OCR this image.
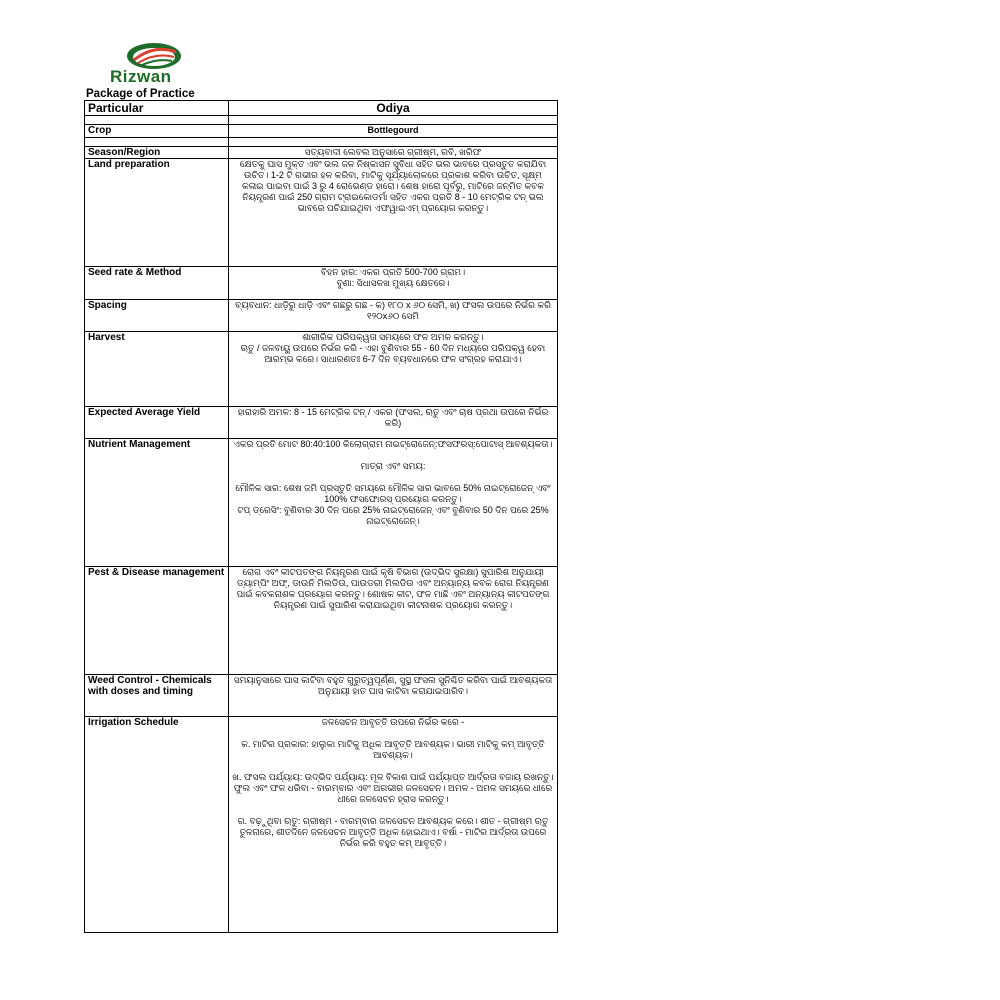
Rizwan
Package of Practice
Particular	Odiya

Crop	Bottlegourd

Season/Region	ସତ୍ୟବାଦୀ ଲେବଲ ଅନୁସାରେ ଗ୍ରୀଷ୍ମ, ରବି, ଖରିଫ
Land preparation	କ୍ଷେତକୁ ଘାସ ମୁକ୍ତ ଏବଂ ଭଲ ଜଳ ନିଷ୍କାସନ ସୁବିଧା ସହିତ ଭଲ ଭାବରେ ପ୍ରସ୍ତୁତ କରାଯିବା ଉଚିତ। 1-2 ଟି ଗଭୀର ହଳ କରିବା, ମାଟିକୁ ସୂର୍ଯ୍ୟାଲୋକରେ ପ୍ରକାଶ କରିବା ଉଚିତ, ସୂକ୍ଷ୍ମ କଳାଇ ପାଇବା ପାଇଁ 3 ରୁ 4 ରୋଭେଣ୍ଡ ହାରୋ। ଶେଷ ହାରୋ ପୂର୍ବରୁ, ମାଟିରେ ଜନ୍ମିତ କବକ ନିୟନ୍ତ୍ରଣ ପାଇଁ 250 ଗ୍ରାମ ଟ୍ରାଇକୋଡର୍ମା ସହିତ ଏକର ପ୍ରତି 8 - 10 ମେଟ୍ରିକ ଟନ୍ ଭଲ ଭାବରେ ପଚିଯାଇଥିବା ଏଫୱାଇଏମ୍ ପ୍ରୟୋଗ କରନ୍ତୁ।
Seed rate & Method	ବିହନ ହାର: ଏକର ପ୍ରତି 500-700 ଗ୍ରାମ।
ବୁଣା: ସିଧାସଳଖ ମୁଖ୍ୟ କ୍ଷେତରେ।
Spacing	ବ୍ୟବଧାନ: ଧାଡ଼ିରୁ ଧାଡ଼ି ଏବଂ ଗଛରୁ ଗଛ - କ) ୧୮୦ x ୬୦ ସେମି, ଖ) ଫସଲ ଉପରେ ନିର୍ଭର କରି ୧୨୦x୬୦ ସେମି
Harvest	ଶାରୀରିକ ପରିପକ୍ୱତା ସମୟରେ ଫଳ ଅମଳ କରନ୍ତୁ।
ଋତୁ / ଜଳବାୟୁ ଉପରେ ନିର୍ଭର କରି - ଏହା ବୁଣିବାର 55 - 60 ଦିନ ମଧ୍ୟରେ ପରିପକ୍ୱ ହେବା ଆରମ୍ଭ କରେ। ସାଧାରଣତଃ 6-7 ଦିନ ବ୍ୟବଧାନରେ ଫଳ ସଂଗ୍ରହ କରାଯାଏ।
Expected Average Yield	ହାରାହାରି ଅମଳ: 8 - 15 ମେଟ୍ରିକ ଟନ୍ / ଏକର (ଫସଲ, ଋତୁ ଏବଂ ଚାଷ ପ୍ରଥା ଉପରେ ନିର୍ଭର କରି)
Nutrient Management	ଏକର ପ୍ରତି ମୋଟ 80:40:100 କିଲୋଗ୍ରାମ ନାଇଟ୍ରୋଜେନ୍:ଫସଫରସ୍:ପୋଟାସ୍ ଆବଶ୍ୟକତା।

ମାତ୍ରା ଏବଂ ସମୟ:

ମୌଳିକ ସାର: ଶେଷ ଜମି ପ୍ରସ୍ତୁତି ସମୟରେ ମୌଳିକ ସାର ଭାବରେ 50% ନାଇଟ୍ରୋଜେନ୍ ଏବଂ 100% ଫସଫୋରସ୍ ପ୍ରୟୋଗ କରନ୍ତୁ।
ଟପ୍ ଡ୍ରେସିଂ: ବୁଣିବାର 30 ଦିନ ପରେ 25% ନାଇଟ୍ରୋଜେନ୍ ଏବଂ ବୁଣିବାର 50 ଦିନ ପରେ 25% ନାଇଟ୍ରୋଜେନ୍।
Pest & Disease management	ରୋଗ ଏବଂ କୀଟପତଙ୍ଗ ନିୟନ୍ତ୍ରଣ ପାଇଁ କୃଷି ବିଭାଗ (ଉଦ୍ଭିଦ ସୁରକ୍ଷା) ସୁପାରିଶ ଅନୁଯାୟୀ ଡ୍ୟାମ୍ପିଂ ଅଫ୍, ଡାଉନି ମିଲଡିଉ, ପାଉଡରୀ ମିଲଡିଉ ଏବଂ ଅନ୍ୟାନ୍ୟ କବକ ରୋଗ ନିୟନ୍ତ୍ରଣ ପାଇଁ କବକନାଶକ ପ୍ରୟୋଗ କରନ୍ତୁ। ଶୋଷକ କୀଟ, ଫଳ ମାଛି ଏବଂ ଅନ୍ୟାନ୍ୟ କୀଟପତଙ୍ଗ ନିୟନ୍ତ୍ରଣ ପାଇଁ ସୁପାରିଶ କରାଯାଇଥିବା କୀଟନାଶକ ପ୍ରୟୋଗ କରନ୍ତୁ।
Weed Control - Chemicals with doses and timing	ସମୟାନୁସାରେ ଘାସ କାଟିବା ବହୁତ ଗୁରୁତ୍ୱପୂର୍ଣ୍ଣ, ସୁସ୍ଥ ଫସଲ ସୁନିଶ୍ଚିତ କରିବା ପାଇଁ ଆବଶ୍ୟକତା ଅନୁଯାୟୀ ହାତ ଘାସ କାଟିବା କରାଯାଇପାରିବ।
Irrigation Schedule	ଜଳସେଚନ ଆବୃତ୍ତି ଉପରେ ନିର୍ଭର କରେ -

କ. ମାଟିର ପ୍ରକାର: ହାଲୁକା ମାଟିକୁ ଅଧିକ ଆବୃତ୍ତି ଆବଶ୍ୟକ। ଭାରୀ ମାଟିକୁ କମ୍ ଆବୃତ୍ତି ଆବଶ୍ୟକ।

ଖ. ଫସଲ ପର୍ଯ୍ୟାୟ: ଉଦ୍ଭିଦ ପର୍ଯ୍ୟାୟ: ମୂଳ ବିକାଶ ପାଇଁ ପର୍ଯ୍ୟାପ୍ତ ଆର୍ଦ୍ରତା ବଜାୟ ରଖନ୍ତୁ। ଫୁଲ ଏବଂ ଫଳ ଧରିବା - ବାରମ୍ବାର ଏବଂ ଅଗଭୀର ଜଳସେଚନ। ଅମଳ - ଅମଳ ସମୟରେ ଧୀରେ ଧୀରେ ଜଳସେଚନ ହ୍ରାସ କରନ୍ତୁ।

ଗ. ବଢ଼ୁଥିବା ଋତୁ: ଗ୍ରୀଷ୍ମ - ବାରମ୍ବାର ଜଳସେଚନ ଆବଶ୍ୟକ କରେ। ଶୀତ - ଗ୍ରୀଷ୍ମ ଋତୁ ତୁଳନାରେ, ଶୀତଦିନେ ଜଳସେଚନ ଆବୃତ୍ତି ଅଧିକ ହୋଇଥାଏ। ବର୍ଷା - ମାଟିର ଆର୍ଦ୍ରତା ଉପରେ ନିର୍ଭର କରି ବହୁତ କମ୍ ଆବୃତ୍ତି।
